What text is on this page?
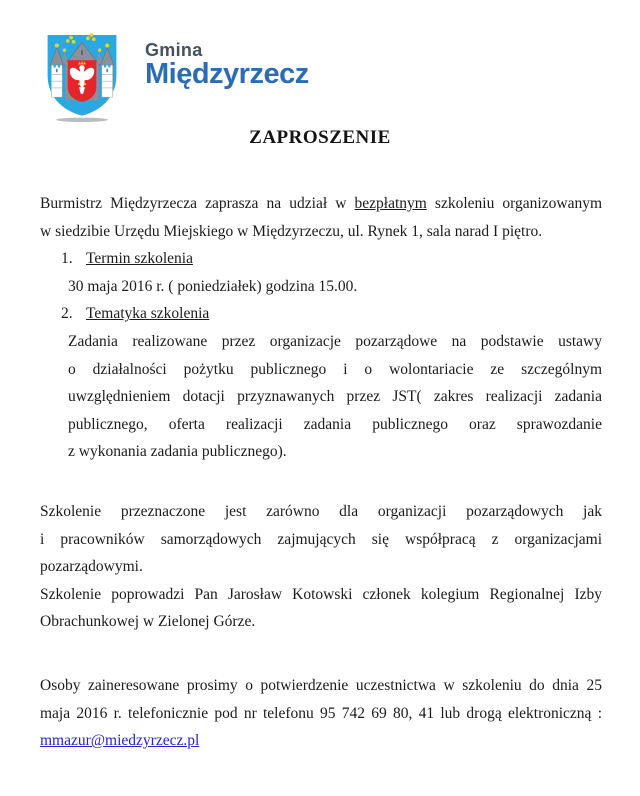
Gmina
Międzyrzecz
ZAPROSZENIE
Burmistrz Międzyrzecza zaprasza na udział w bezpłatnym szkoleniu organizowanym
w siedzibie Urzędu Miejskiego w Międzyrzeczu, ul. Rynek 1, sala narad I piętro.
1. Termin szkolenia
30 maja 2016 r. ( poniedziałek) godzina 15.00.
2. Tematyka szkolenia
Zadania realizowane przez organizacje pozarządowe na podstawie ustawy
o działalności pożytku publicznego i o wolontariacie ze szczególnym
uwzględnieniem dotacji przyznawanych przez JST( zakres realizacji zadania
publicznego, oferta realizacji zadania publicznego oraz sprawozdanie
z wykonania zadania publicznego).
Szkolenie przeznaczone jest zarówno dla organizacji pozarządowych jak
i pracowników samorządowych zajmujących się współpracą z organizacjami
pozarządowymi.
Szkolenie poprowadzi Pan Jarosław Kotowski członek kolegium Regionalnej Izby
Obrachunkowej w Zielonej Górze.
Osoby zaineresowane prosimy o potwierdzenie uczestnictwa w szkoleniu do dnia 25
maja 2016 r. telefonicznie pod nr telefonu 95 742 69 80, 41 lub drogą elektroniczną :
mmazur@miedzyrzecz.pl
